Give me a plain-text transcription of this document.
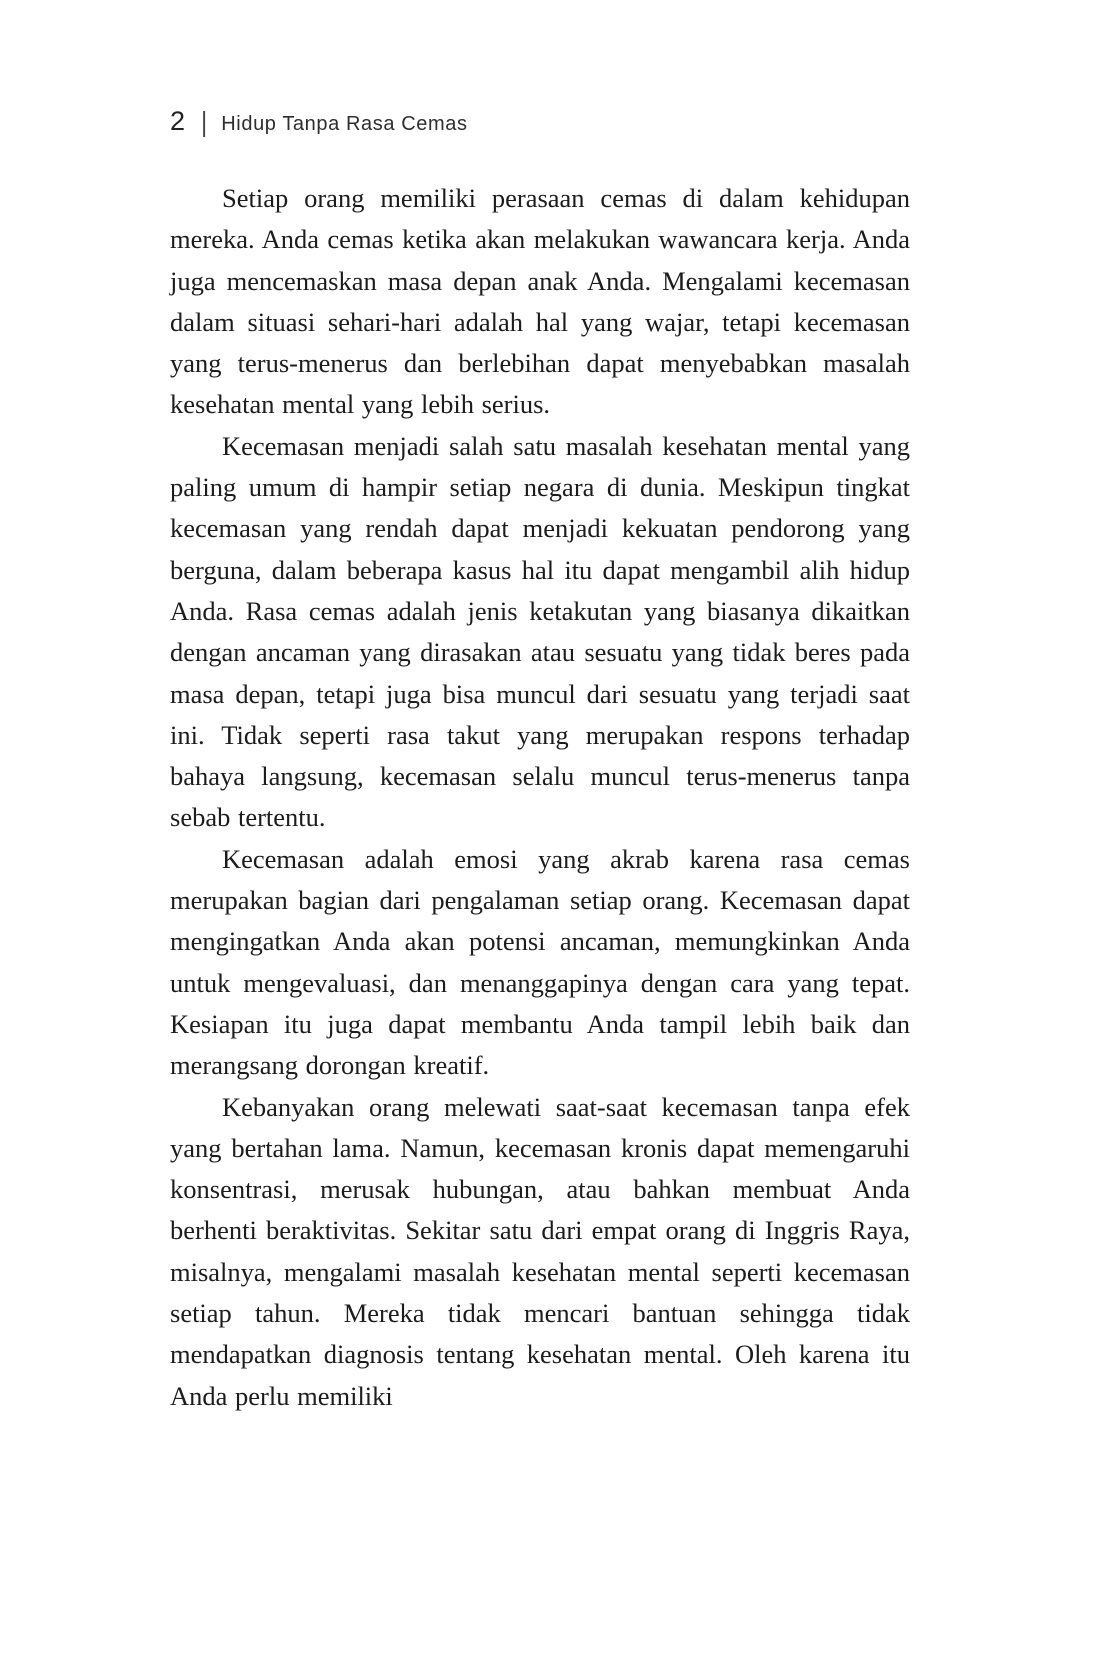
2 | Hidup Tanpa Rasa Cemas

Setiap orang memiliki perasaan cemas di dalam kehidupan mereka. Anda cemas ketika akan melakukan wawancara kerja. Anda juga mencemaskan masa depan anak Anda. Mengalami kecemasan dalam situasi sehari-hari adalah hal yang wajar, tetapi kecemasan yang terus-menerus dan berlebihan dapat menyebabkan masalah kesehatan mental yang lebih serius.

Kecemasan menjadi salah satu masalah kesehatan mental yang paling umum di hampir setiap negara di dunia. Meskipun tingkat kecemasan yang rendah dapat menjadi kekuatan pendorong yang berguna, dalam beberapa kasus hal itu dapat mengambil alih hidup Anda. Rasa cemas adalah jenis ketakutan yang biasanya dikaitkan dengan ancaman yang dirasakan atau sesuatu yang tidak beres pada masa depan, tetapi juga bisa muncul dari sesuatu yang terjadi saat ini. Tidak seperti rasa takut yang merupakan respons terhadap bahaya langsung, kecemasan selalu muncul terus-menerus tanpa sebab tertentu.

Kecemasan adalah emosi yang akrab karena rasa cemas merupakan bagian dari pengalaman setiap orang. Kecemasan dapat mengingatkan Anda akan potensi ancaman, memungkinkan Anda untuk mengevaluasi, dan menanggapinya dengan cara yang tepat. Kesiapan itu juga dapat membantu Anda tampil lebih baik dan merangsang dorongan kreatif.

Kebanyakan orang melewati saat-saat kecemasan tanpa efek yang bertahan lama. Namun, kecemasan kronis dapat memengaruhi konsentrasi, merusak hubungan, atau bahkan membuat Anda berhenti beraktivitas. Sekitar satu dari empat orang di Inggris Raya, misalnya, mengalami masalah kesehatan mental seperti kecemasan setiap tahun. Mereka tidak mencari bantuan sehingga tidak mendapatkan diagnosis tentang kesehatan mental. Oleh karena itu Anda perlu memiliki
